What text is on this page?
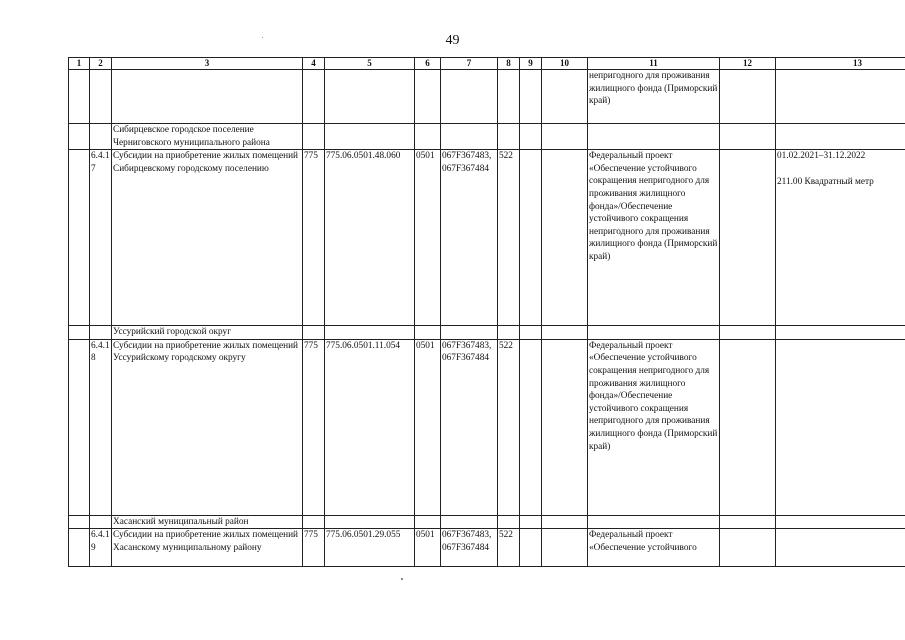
49
1	2	3	4	5	6	7	8	9	10	11	12	13
										непригодного для проживания жилищного фонда (Приморский край)		
		Сибирцевское городское поселение Черниговского муниципального района										
	6.4.17	Субсидии на приобретение жилых помещений Сибирцевскому городскому поселению	775	775.06.0501.48.060	0501	067F367483, 067F367484	522			Федеральный проект «Обеспечение устойчивого сокращения непригодного для проживания жилищного фонда»/Обеспечение устойчивого сокращения непригодного для проживания жилищного фонда (Приморский край)		01.02.2021–31.12.2022
211.00 Квадратный метр

		Уссурийский городской округ										
	6.4.18	Субсидии на приобретение жилых помещений Уссурийскому городскому округу	775	775.06.0501.11.054	0501	067F367483, 067F367484	522			Федеральный проект «Обеспечение устойчивого сокращения непригодного для проживания жилищного фонда»/Обеспечение устойчивого сокращения непригодного для проживания жилищного фонда (Приморский край)		
		Хасанский муниципальный район										
	6.4.19	Субсидии на приобретение жилых помещений Хасанскому муниципальному району	775	775.06.0501.29.055	0501	067F367483, 067F367484	522			Федеральный проект «Обеспечение устойчивого		
